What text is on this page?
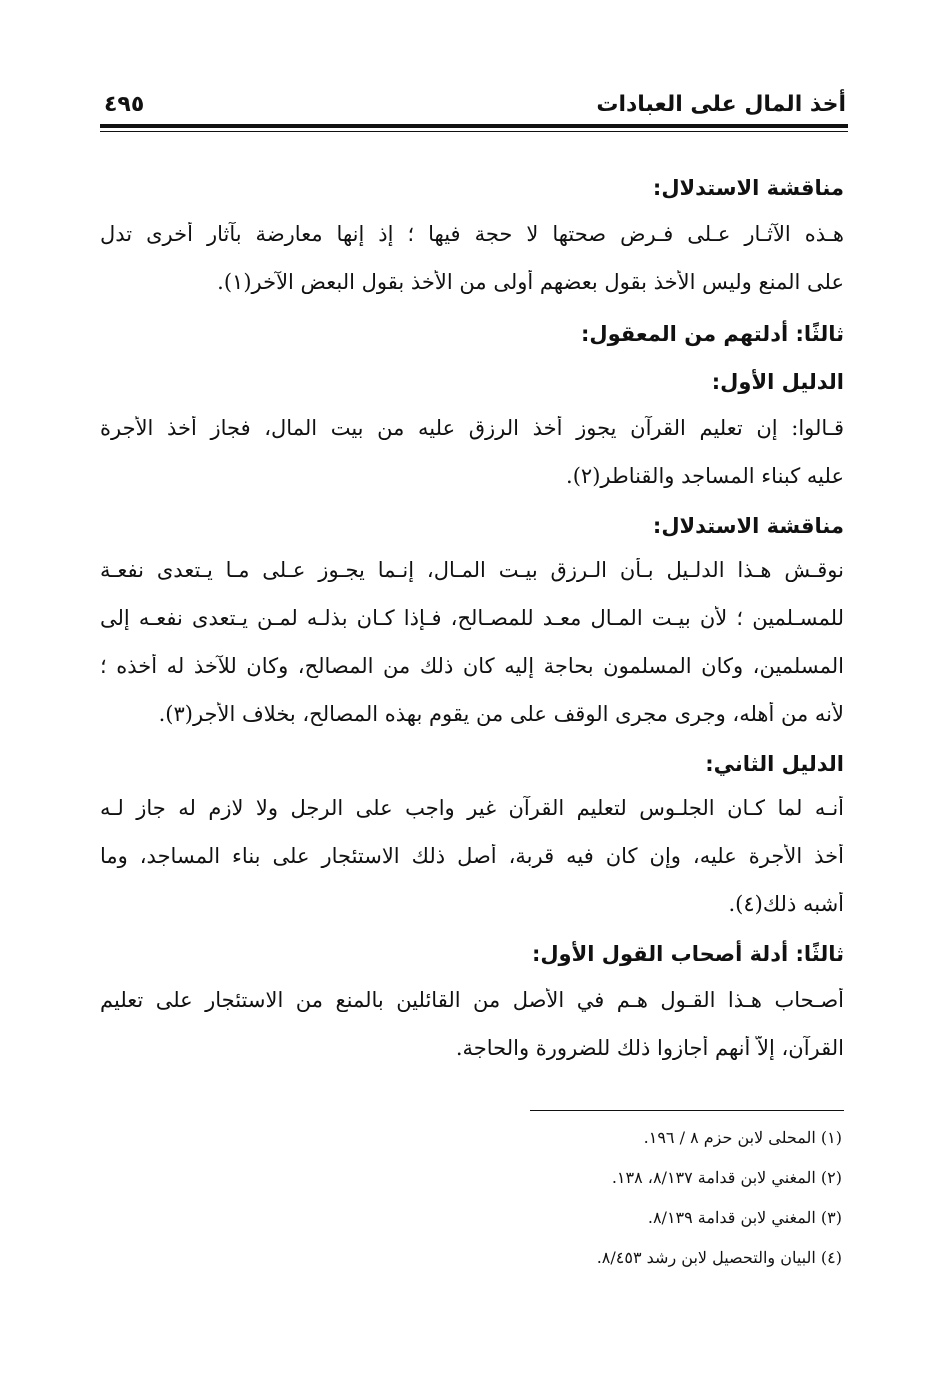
أخذ المال على العبادات
٤٩٥
مناقشة الاستدلال:
هـذه الآثـار عـلى فـرض صحتها لا حجة فيها ؛ إذ إنها معارضة بآثار أخرى تدل
على المنع وليس الأخذ بقول بعضهم أولى من الأخذ بقول البعض الآخر(١).
ثالثًا: أدلتهم من المعقول:
الدليل الأول:
قـالوا: إن تعليم القرآن يجوز أخذ الرزق عليه من بيت المال، فجاز أخذ الأجرة
عليه كبناء المساجد والقناطر(٢).
مناقشة الاستدلال:
نوقـش هـذا الدلـيل بـأن الـرزق بيـت المـال، إنـما يجـوز عـلى مـا يـتعدى نفعـة
للمسـلمين ؛ لأن بيـت المـال معـد للمصـالح، فـإذا كـان بذلـه لمـن يـتعدى نفعـه إلى
المسلمين، وكان المسلمون بحاجة إليه كان ذلك من المصالح، وكان للآخذ له أخذه ؛
لأنه من أهله، وجرى مجرى الوقف على من يقوم بهذه المصالح، بخلاف الأجر(٣).
الدليل الثاني:
أنـه لما كـان الجلـوس لتعليم القرآن غير واجب على الرجل ولا لازم له جاز لـه
أخذ الأجرة عليه، وإن كان فيه قربة، أصل ذلك الاستئجار على بناء المساجد، وما
أشبه ذلك(٤).
ثالثًا: أدلة أصحاب القول الأول:
أصـحاب هـذا القـول هـم في الأصل من القائلين بالمنع من الاستئجار على تعليم
القرآن، إلاّ أنهم أجازوا ذلك للضرورة والحاجة.
(١) المحلى لابن حزم ٨ / ١٩٦.
(٢) المغني لابن قدامة ٨/١٣٧، ١٣٨.
(٣) المغني لابن قدامة ٨/١٣٩.
(٤) البيان والتحصيل لابن رشد ٨/٤٥٣.
